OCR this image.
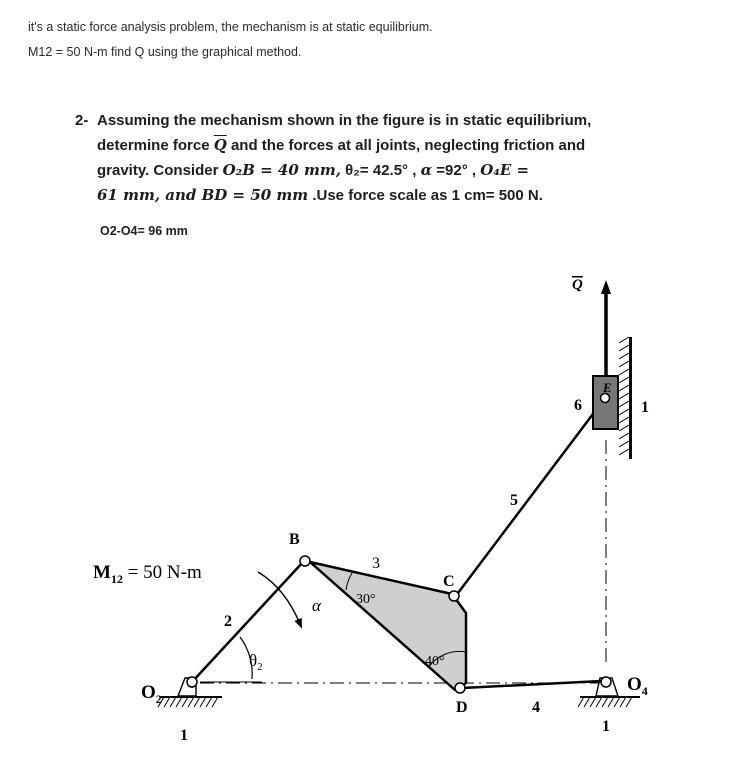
it's a static force analysis problem, the mechanism is at static equilibrium.
M12 = 50 N-m find Q using the graphical method.
2- Assuming the mechanism shown in the figure is in static equilibrium,
determine force $\overline{Q}$ and the forces at all joints, neglecting friction and
gravity. Consider O₂B = 40 mm, θ₂= 42.5° , α =92° , O₄E =
61 mm, and BD = 50 mm .Use force scale as 1 cm= 500 N.
O2-O4= 96 mm
$M_{12} = 50$ N-m
$O_2$
$O_4$
B
C
D
E
Q
1
1
1
2
3
4
5
6
$\theta_2$
α	30°
40°
